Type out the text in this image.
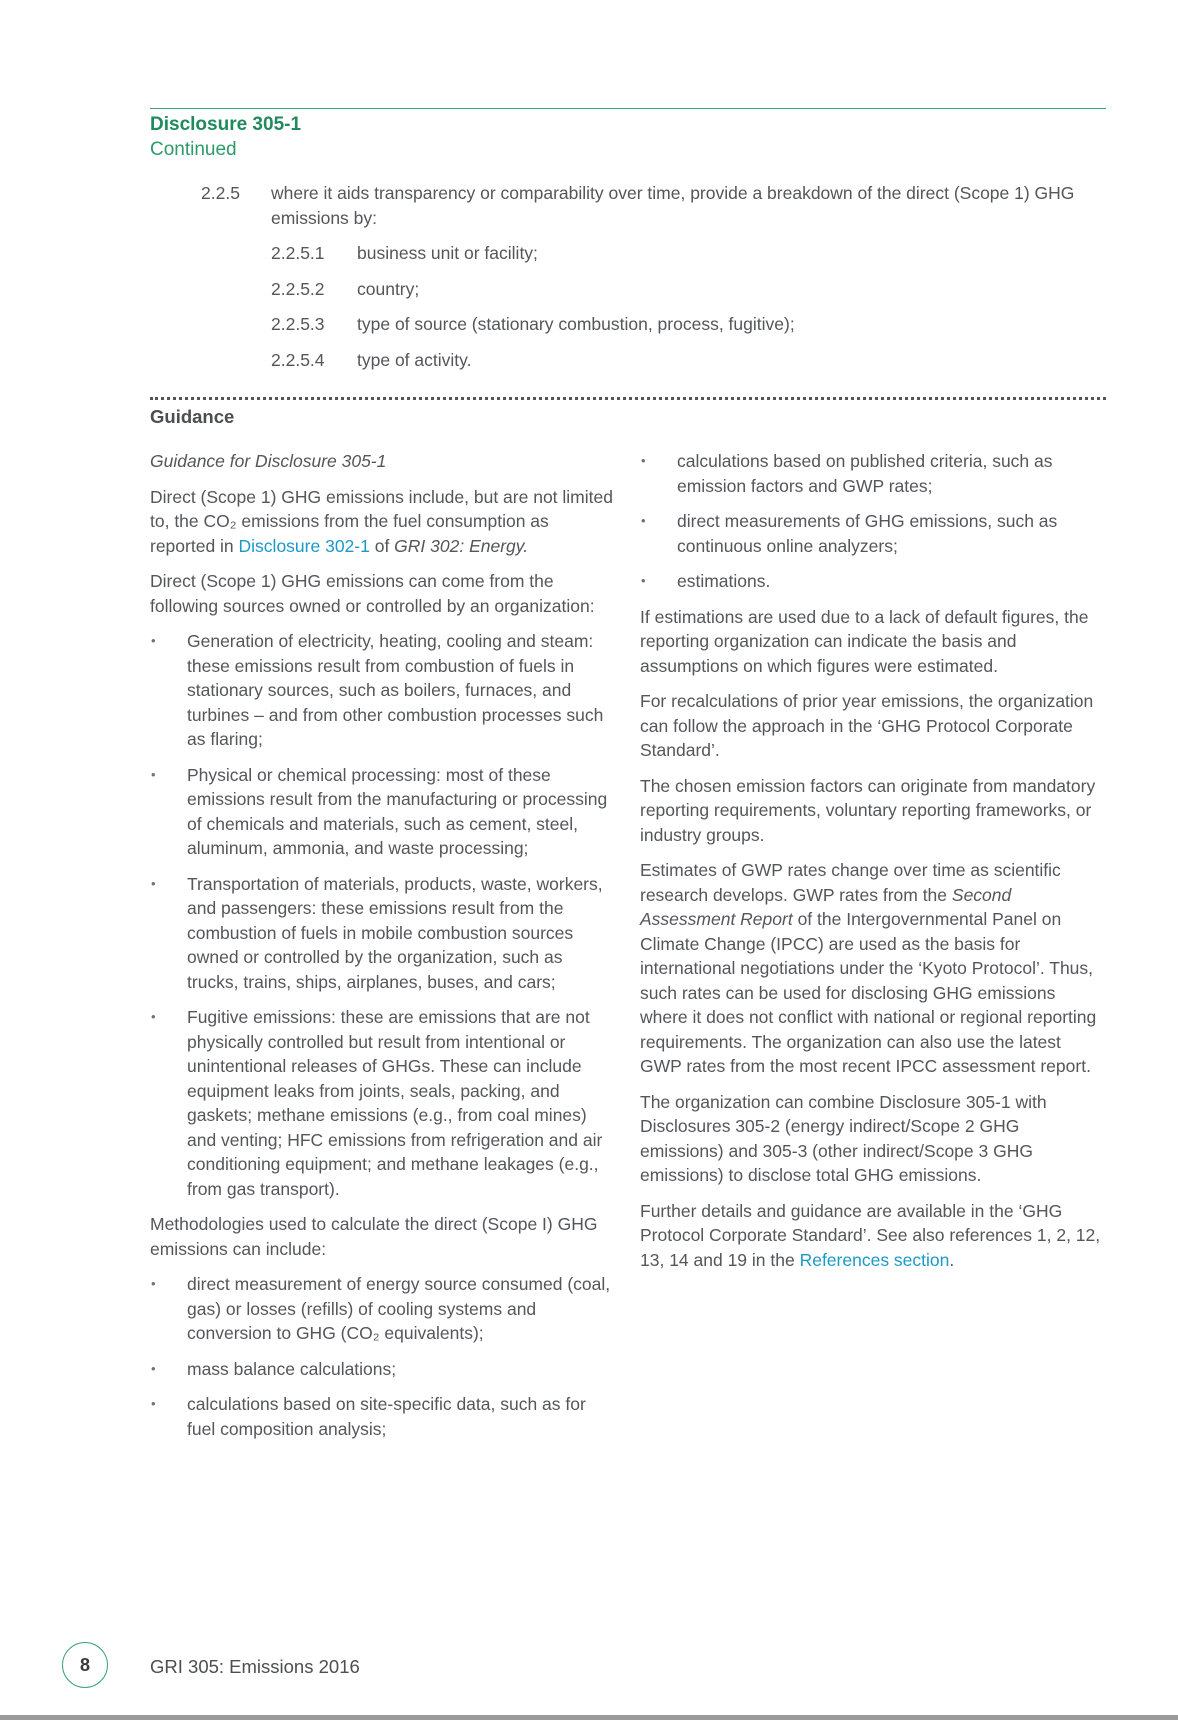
Disclosure 305-1
Continued
2.2.5	where it aids transparency or comparability over time, provide a breakdown of the direct (Scope 1) GHG emissions by:
2.2.5.1	business unit or facility;
2.2.5.2	country;
2.2.5.3	type of source (stationary combustion, process, fugitive);
2.2.5.4	type of activity.
Guidance

Guidance for Disclosure 305-1

Direct (Scope 1) GHG emissions include, but are not limited to, the CO₂ emissions from the fuel consumption as reported in Disclosure 302-1 of GRI 302: Energy.

Direct (Scope 1) GHG emissions can come from the following sources owned or controlled by an organization:

• Generation of electricity, heating, cooling and steam: these emissions result from combustion of fuels in stationary sources, such as boilers, furnaces, and turbines – and from other combustion processes such as flaring;
• Physical or chemical processing: most of these emissions result from the manufacturing or processing of chemicals and materials, such as cement, steel, aluminum, ammonia, and waste processing;
• Transportation of materials, products, waste, workers, and passengers: these emissions result from the combustion of fuels in mobile combustion sources owned or controlled by the organization, such as trucks, trains, ships, airplanes, buses, and cars;
• Fugitive emissions: these are emissions that are not physically controlled but result from intentional or unintentional releases of GHGs. These can include equipment leaks from joints, seals, packing, and gaskets; methane emissions (e.g., from coal mines) and venting; HFC emissions from refrigeration and air conditioning equipment; and methane leakages (e.g., from gas transport).

Methodologies used to calculate the direct (Scope I) GHG emissions can include:

• direct measurement of energy source consumed (coal, gas) or losses (refills) of cooling systems and conversion to GHG (CO₂ equivalents);
• mass balance calculations;
• calculations based on site-specific data, such as for fuel composition analysis;
• calculations based on published criteria, such as emission factors and GWP rates;
• direct measurements of GHG emissions, such as continuous online analyzers;
• estimations.

If estimations are used due to a lack of default figures, the reporting organization can indicate the basis and assumptions on which figures were estimated.

For recalculations of prior year emissions, the organization can follow the approach in the ‘GHG Protocol Corporate Standard’.

The chosen emission factors can originate from mandatory reporting requirements, voluntary reporting frameworks, or industry groups.

Estimates of GWP rates change over time as scientific research develops. GWP rates from the Second Assessment Report of the Intergovernmental Panel on Climate Change (IPCC) are used as the basis for international negotiations under the ‘Kyoto Protocol’. Thus, such rates can be used for disclosing GHG emissions where it does not conflict with national or regional reporting requirements. The organization can also use the latest GWP rates from the most recent IPCC assessment report.

The organization can combine Disclosure 305-1 with Disclosures 305-2 (energy indirect/Scope 2 GHG emissions) and 305-3 (other indirect/Scope 3 GHG emissions) to disclose total GHG emissions.

Further details and guidance are available in the ‘GHG Protocol Corporate Standard’. See also references 1, 2, 12, 13, 14 and 19 in the References section.

8	GRI 305: Emissions 2016
